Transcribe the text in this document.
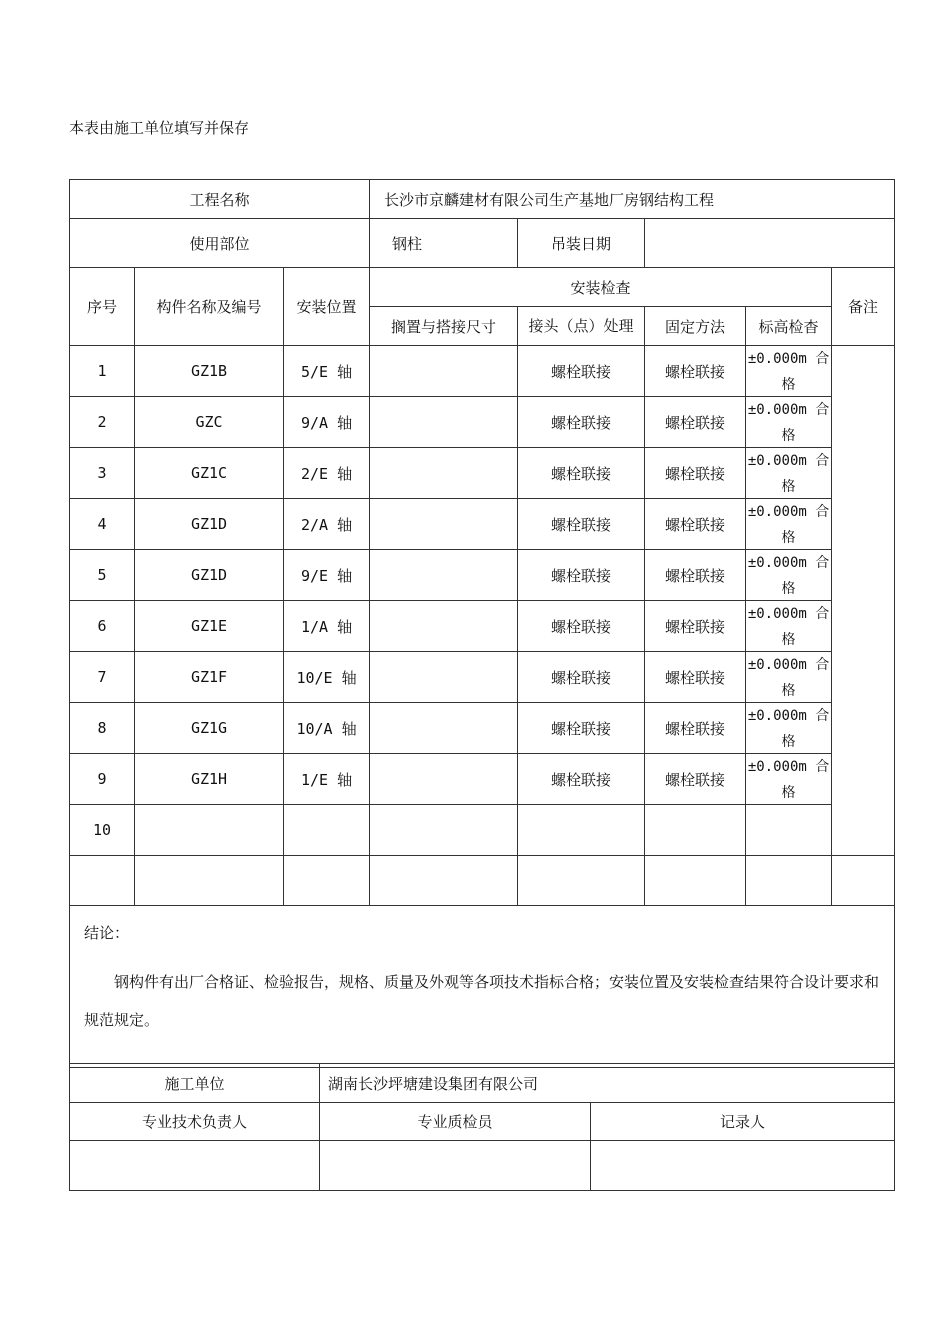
本表由施工单位填写并保存
工程名称			长沙市京麟建材有限公司生产基地厂房钢结构工程				
使用部位			钢柱	吊装日期			
序号	构件名称及编号	安装位置	安装检查				备注
			搁置与搭接尺寸	接头（点）处理	固定方法	标高检杳	
1	GZ1B	5/E 轴		螺栓联接	螺栓联接	±0.000m 合格	

2	GZC	9/A 轴		螺栓联接	螺栓联接	±0.000m 合格	

3	GZ1C	2/E 轴		螺栓联接	螺栓联接	±0.000m 合格	

4	GZ1D	2/A 轴		螺栓联接	螺栓联接	±0.000m 合格	

5	GZ1D	9/E 轴		螺栓联接	螺栓联接	±0.000m 合格	

6	GZ1E	1/A 轴		螺栓联接	螺栓联接	±0.000m 合格	

7	GZ1F	10/E 轴		螺栓联接	螺栓联接	±0.000m 合格	

8	GZ1G	10/A 轴		螺栓联接	螺栓联接	±0.000m 合格	

9	GZ1H	1/E 轴		螺栓联接	螺栓联接	±0.000m 合格	

10							

结论：
钢构件有出厂合格证、检验报告，规格、质量及外观等各项技术指标合格；安装位置及安装检查结果符合设计要求和规范规定。							
施工单位	湖南长沙坪塘建设集团有限公司	
专业技术负责人	专业质检员	记录人
